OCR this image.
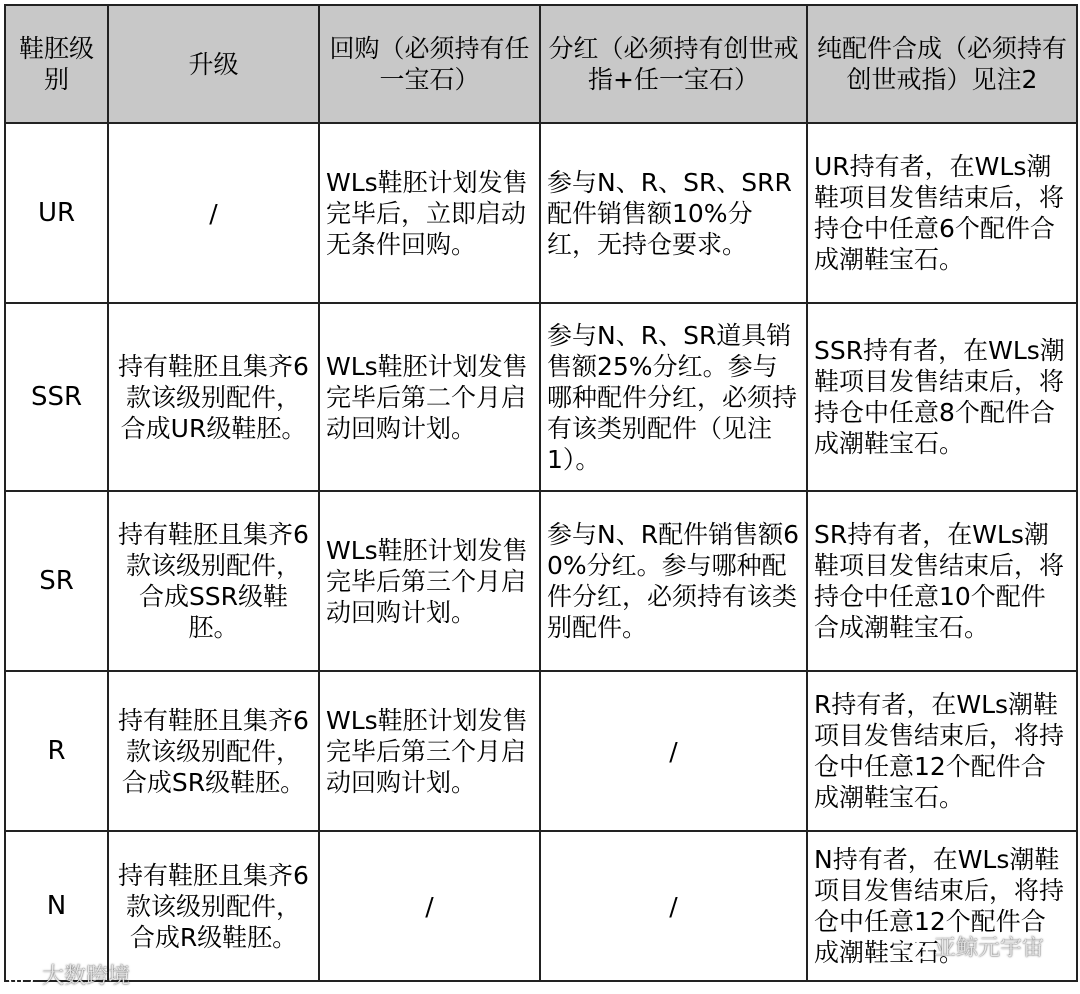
鞋胚级别	升级	回购（必须持有任一宝石）	分红（必须持有创世戒指+任一宝石）	纯配件合成（必须持有创世戒指）见注2
UR	/	WLs鞋胚计划发售完毕后，立即启动无条件回购。	参与N、R、SR、SRR配件销售额10%分红，无持仓要求。	UR持有者，在WLs潮鞋项目发售结束后，将持仓中任意6个配件合成潮鞋宝石。
SSR	持有鞋胚且集齐6款该级别配件，合成UR级鞋胚。	WLs鞋胚计划发售完毕后第二个月启动回购计划。	参与N、R、SR道具销售额25%分红。参与哪种配件分红，必须持有该类别配件（见注1）。	SSR持有者，在WLs潮鞋项目发售结束后，将持仓中任意8个配件合成潮鞋宝石。
SR	持有鞋胚且集齐6款该级别配件，合成SSR级鞋胚。	WLs鞋胚计划发售完毕后第三个月启动回购计划。	参与N、R配件销售额60%分红。参与哪种配件分红，必须持有该类别配件。	SR持有者，在WLs潮鞋项目发售结束后，将持仓中任意10个配件合成潮鞋宝石。
R	持有鞋胚且集齐6款该级别配件，合成SR级鞋胚。	WLs鞋胚计划发售完毕后第三个月启动回购计划。	/	R持有者，在WLs潮鞋项目发售结束后，将持仓中任意12个配件合成潮鞋宝石。
N	持有鞋胚且集齐6款该级别配件，合成R级鞋胚。	/	/	N持有者，在WLs潮鞋项目发售结束后，将持仓中任意12个配件合成潮鞋宝石。
大数跨境
亚鲸元宇宙
